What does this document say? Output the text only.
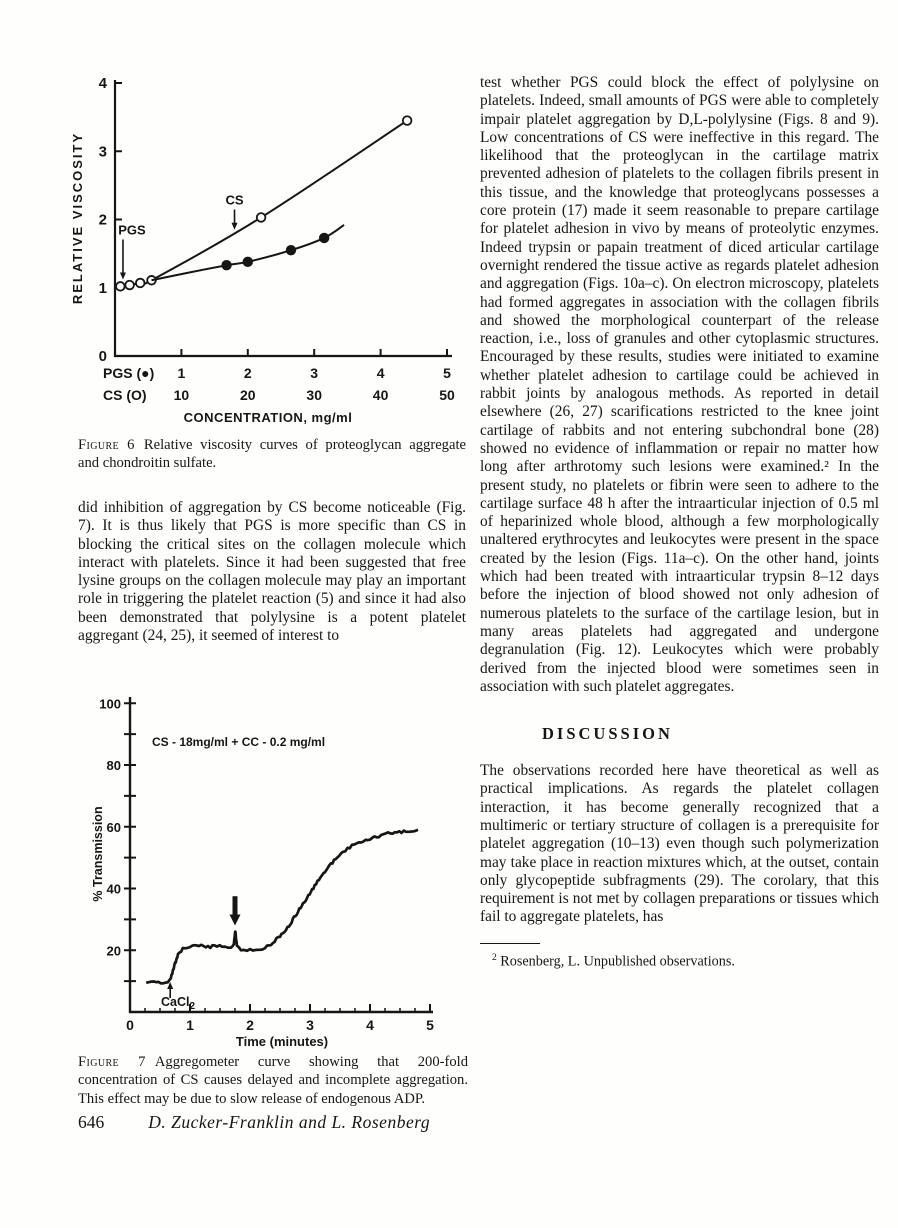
0
1
2
3
4
PGS (●) 1	2	3	4	5
CS (O) 10	20	30	40	50
CONCENTRATION, mg/ml
RELATIVE VISCOSITY	PGS
CS

Figure 6 Relative viscosity curves of proteoglycan aggregate and chondroitin sulfate.

did inhibition of aggregation by CS become noticeable (Fig. 7). It is thus likely that PGS is more specific than CS in blocking the critical sites on the collagen molecule which interact with platelets. Since it had been suggested that free lysine groups on the collagen molecule may play an important role in triggering the platelet reaction (5) and since it had also been demonstrated that polylysine is a potent platelet aggregant (24, 25), it seemed of interest to

20
40
60
80
100
0	1	2	3	4	5
% Transmission
Time (minutes)
CS - 18mg/ml + CC - 0.2 mg/ml
CaCl$_2$

Figure 7 Aggregometer curve showing that 200-fold concentration of CS causes delayed and incomplete aggregation. This effect may be due to slow release of endogenous ADP.

646	D. Zucker-Franklin and L. Rosenberg

test whether PGS could block the effect of polylysine on platelets. Indeed, small amounts of PGS were able to completely impair platelet aggregation by D,L-polylysine (Figs. 8 and 9). Low concentrations of CS were ineffective in this regard. The likelihood that the proteoglycan in the cartilage matrix prevented adhesion of platelets to the collagen fibrils present in this tissue, and the knowledge that proteoglycans possesses a core protein (17) made it seem reasonable to prepare cartilage for platelet adhesion in vivo by means of proteolytic enzymes. Indeed trypsin or papain treatment of diced articular cartilage overnight rendered the tissue active as regards platelet adhesion and aggregation (Figs. 10a–c). On electron microscopy, platelets had formed aggregates in association with the collagen fibrils and showed the morphological counterpart of the release reaction, i.e., loss of granules and other cytoplasmic structures. Encouraged by these results, studies were initiated to examine whether platelet adhesion to cartilage could be achieved in rabbit joints by analogous methods. As reported in detail elsewhere (26, 27) scarifications restricted to the knee joint cartilage of rabbits and not entering subchondral bone (28) showed no evidence of inflammation or repair no matter how long after arthrotomy such lesions were examined.² In the present study, no platelets or fibrin were seen to adhere to the cartilage surface 48 h after the intraarticular injection of 0.5 ml of heparinized whole blood, although a few morphologically unaltered erythrocytes and leukocytes were present in the space created by the lesion (Figs. 11a–c). On the other hand, joints which had been treated with intraarticular trypsin 8–12 days before the injection of blood showed not only adhesion of numerous platelets to the surface of the cartilage lesion, but in many areas platelets had aggregated and undergone degranulation (Fig. 12). Leukocytes which were probably derived from the injected blood were sometimes seen in association with such platelet aggregates.

DISCUSSION

The observations recorded here have theoretical as well as practical implications. As regards the platelet collagen interaction, it has become generally recognized that a multimeric or tertiary structure of collagen is a prerequisite for platelet aggregation (10–13) even though such polymerization may take place in reaction mixtures which, at the outset, contain only glycopeptide subfragments (29). The corolary, that this requirement is not met by collagen preparations or tissues which fail to aggregate platelets, has

$^2$ Rosenberg, L. Unpublished observations.
